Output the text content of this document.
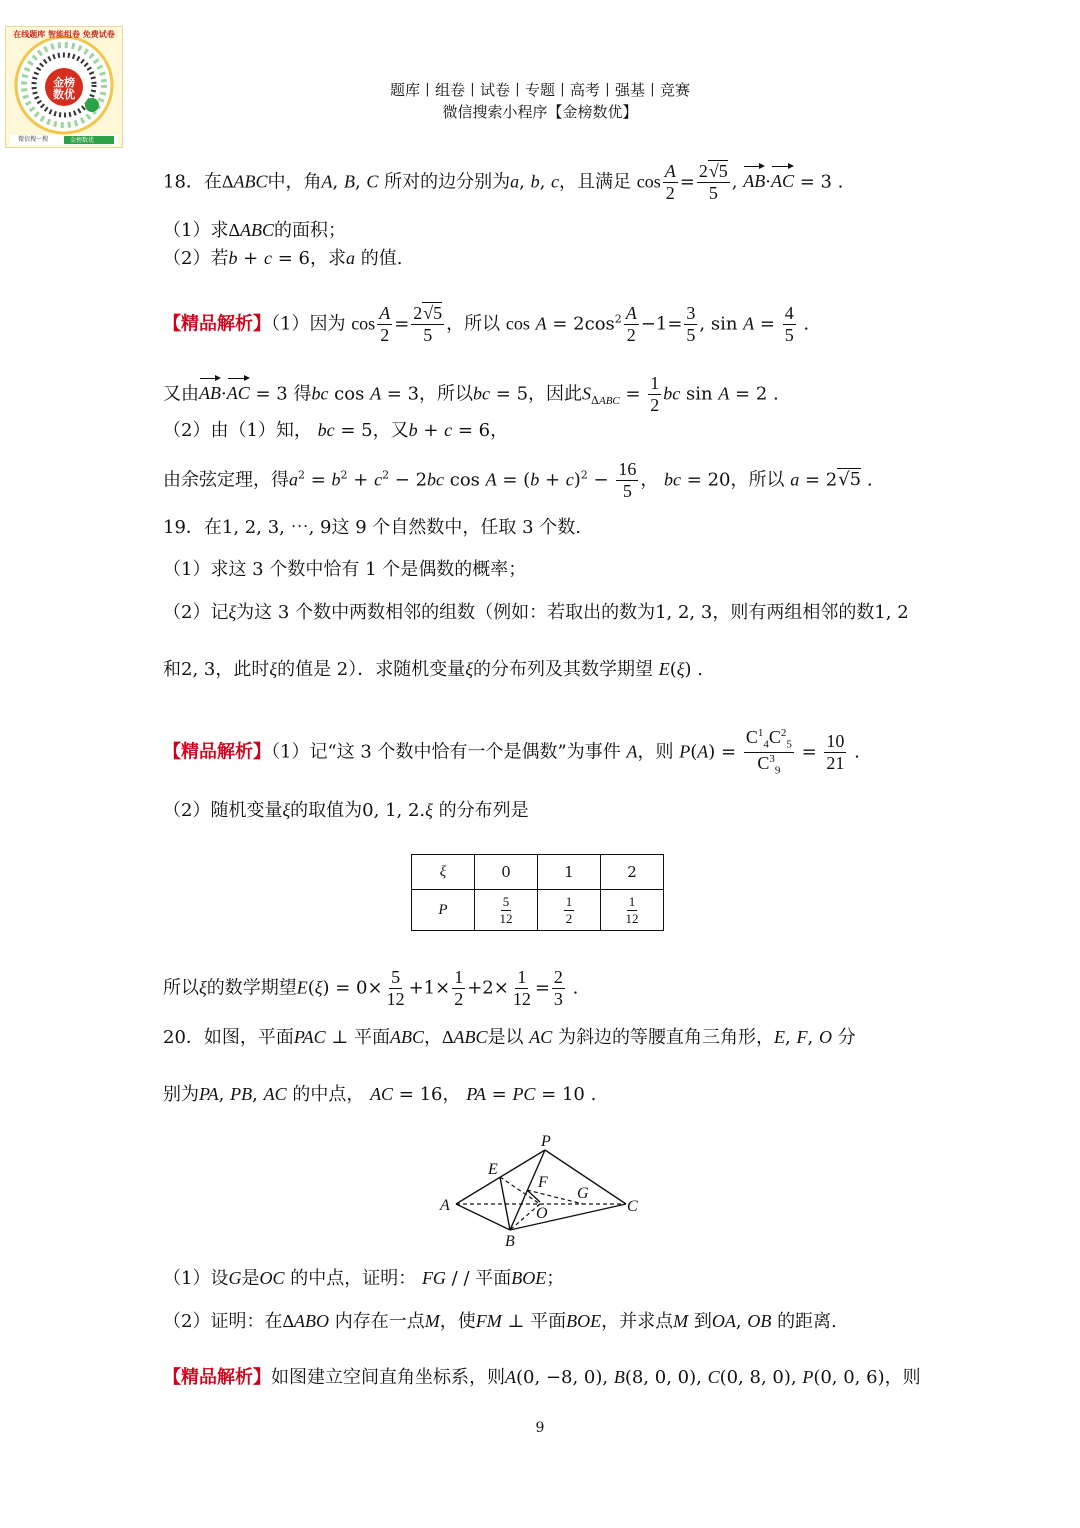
在线题库 智能组卷 免费试卷
金榜数优
微信搜一搜	金榜数优
题库丨组卷丨试卷丨专题丨高考丨强基丨竞赛
微信搜索小程序【金榜数优】
18．在ΔABC中，角A, B, C 所对的边分别为a, b, c，且满足 $\cos \frac{A}{2} = \frac{2√5}{5}$ , AB·AC = 3 .
（1）求ΔABC的面积；
（2）若b + c = 6，求a 的值.
【精品解析】（1）因为 $\cos \frac{A}{2} = \frac{2√5}{5}$ ，所以 $\cos A = 2\cos^2 \frac{A}{2} -1= \frac{3}{5}$ , $\sin A = \frac{4}{5}$ .
又由AB·AC = 3 得bc cos A = 3，所以bc = 5，因此$S_{\Delta ABC} = \frac{1}{2}$ bc sin A = 2 .
（2）由（1）知， bc = 5，又b + c = 6，
由余弦定理，得$a^2 = b^2 + c^2 - 2bc$ $\cos A = (b + c)^2 - \frac{16}{5}$ ， bc = 20，所以 a = 2√5 .
19．在1, 2, 3, ⋯, 9这 9 个自然数中，任取 3 个数.
（1）求这 3 个数中恰有 1 个是偶数的概率；
（2）记ξ为这 3 个数中两数相邻的组数（例如：若取出的数为1, 2, 3，则有两组相邻的数1, 2
和2, 3，此时ξ的值是 2）．求随机变量ξ的分布列及其数学期望 E(ξ) .
【精品解析】（1）记“这 3 个数中恰有一个是偶数”为事件 A，则 $P(A) = \frac{C^1_4C^2_5}{C^3_9} = \frac{10}{21}$ .
（2）随机变量ξ的取值为0, 1, 2.ξ 的分布列是
ξ	0	1	2
P	$\frac{5}{12}$	$\frac{1}{2}$	$\frac{1}{12}$
所以ξ的数学期望$E(\xi) = 0\times \frac{5}{12} +1\times \frac{1}{2} +2\times \frac{1}{12} = \frac{2}{3}$ .
20．如图，平面PAC ⊥ 平面ABC，ΔABC是以 AC 为斜边的等腰直角三角形，E, F, O 分
别为PA, PB, AC 的中点， AC = 16， PA = PC = 10 .
P
E
F
G
A	O	C
B
（1）设G是OC 的中点，证明： FG / / 平面BOE；
（2）证明：在ΔABO 内存在一点M，使FM ⊥ 平面BOE，并求点M 到OA, OB 的距离.
【精品解析】如图建立空间直角坐标系，则A(0, −8, 0), B(8, 0, 0), C(0, 8, 0), P(0, 0, 6)，则
9
